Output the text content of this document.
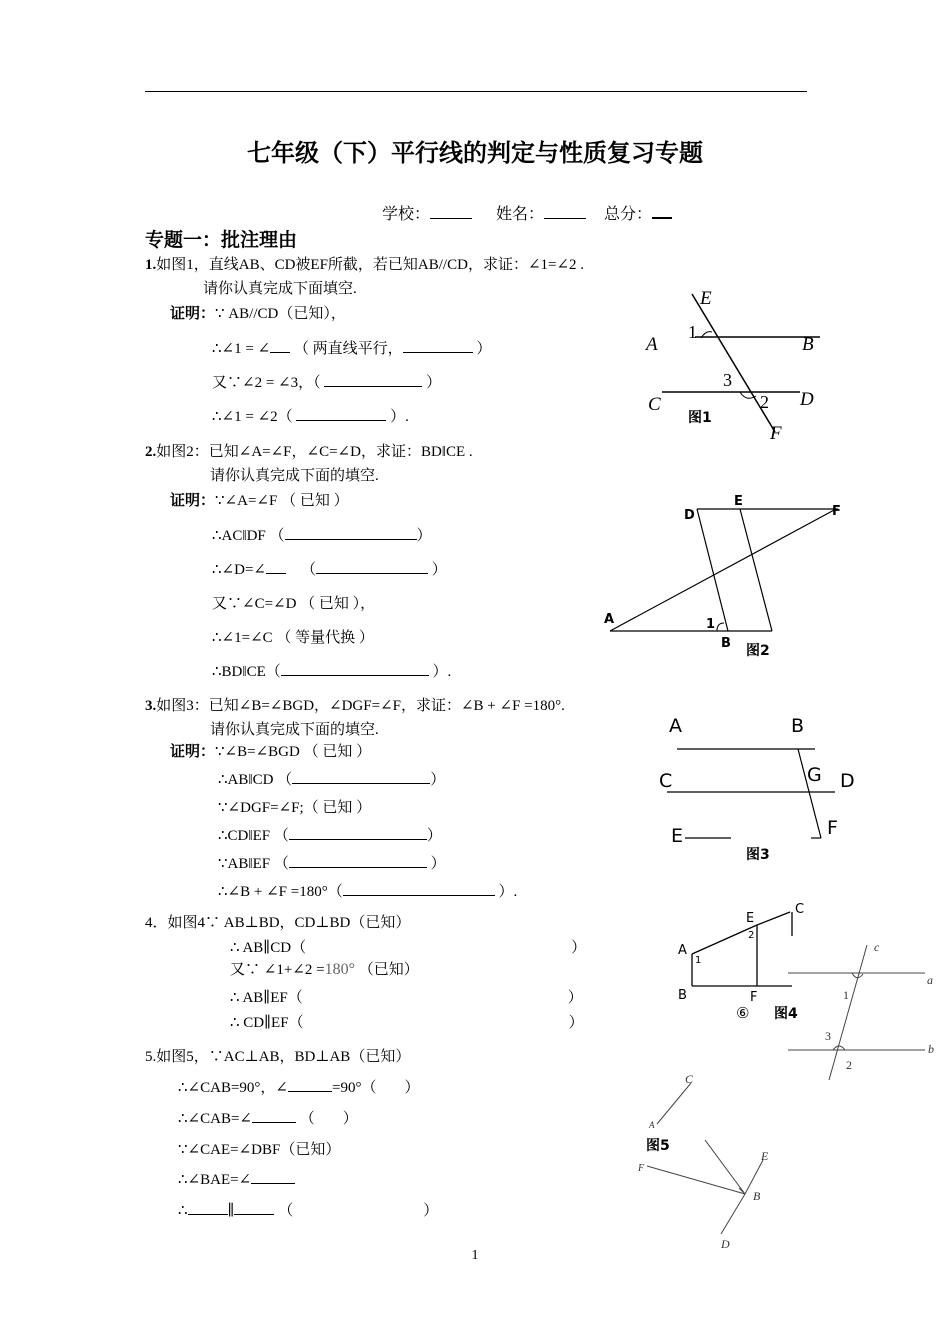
七年级（下）平行线的判定与性质复习专题
学校：	姓名：	总分：
专题一：批注理由
1.如图1，直线AB、CD被EF所截，若已知AB//CD，求证：∠1=∠2 .
请你认真完成下面填空.
证明：∵ AB//CD（已知），
∴∠1 = ∠ （ 两直线平行，	）
又∵∠2 = ∠3，（	）
∴∠1 = ∠2（	）.
2.如图2：已知∠A=∠F，∠C=∠D，求证：BD‖CE .
请你认真完成下面的填空.
证明：∵∠A=∠F （ 已知 ）
∴AC‖DF （	）
∴∠D=∠ （	）
又∵∠C=∠D （ 已知 ），
∴∠1=∠C （ 等量代换 ）
∴BD‖CE（	）.
3.如图3：已知∠B=∠BGD，∠DGF=∠F，求证：∠B + ∠F =180°.
请你认真完成下面的填空.
证明：∵∠B=∠BGD （ 已知 ）
∴AB‖CD （	）
∵∠DGF=∠F;（ 已知 ）
∴CD‖EF （	）
∵AB‖EF （	）
∴∠B + ∠F =180°（	）.
4．如图4∵ AB⊥BD，CD⊥BD（已知）
∴ AB∥CD（	）
又∵ ∠1+∠2 =180° （已知）
∴ AB∥EF（	）
∴ CD∥EF（	）
5.如图5，∵AC⊥AB，BD⊥AB（已知）
∴∠CAB=90°，∠	=90°（ ）
∴∠CAB=∠	（ ）
∵∠CAE=∠DBF（已知）
∴∠BAE=∠
∴	∥	（	）
E
A	B
C	D
F
1
2
3
图1
D
E
F
A
B
1
图2
A	B
C	G D
E	F
图3
C
E
A
1
2
B	F
⑥ 图4
c
a
1
3
2
b
C
A
E
F
B
D
图5
1
